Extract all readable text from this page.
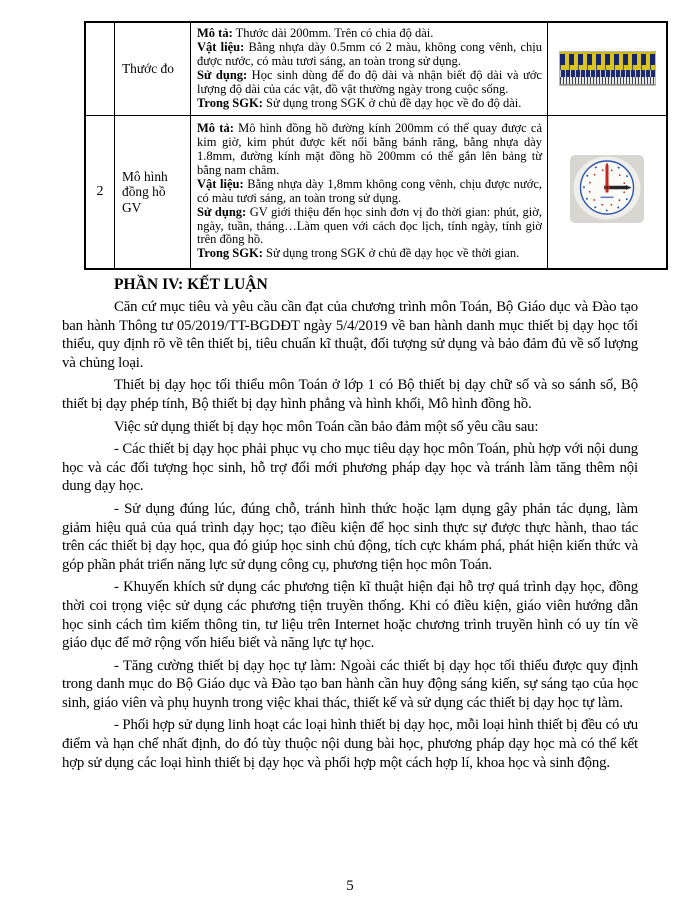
	Thước đo	Mô tả: Thước dài 200mm. Trên có chia độ dài.
Vật liệu: Bằng nhựa dày 0.5mm có 2 màu, không cong vênh, chịu được nước, có màu tươi sáng, an toàn trong sử dụng.
Sử dụng: Học sinh dùng để đo độ dài và nhận biết độ dài và ước lượng độ dài của các vật, đồ vật thường ngày trong cuộc sống.
Trong SGK: Sử dụng trong SGK ở chủ đề dạy học về đo độ dài.	

2	Mô hình đồng hồ GV	Mô tả: Mô hình đồng hồ đường kính 200mm có thể quay được cả kim giờ, kim phút được kết nối bằng bánh răng, bằng nhựa dày 1.8mm, đường kính mặt đồng hồ 200mm có thể gắn lên bảng từ bằng nam châm.
Vật liệu: Bằng nhựa dày 1,8mm không cong vênh, chịu được nước, có màu tươi sáng, an toàn trong sử dụng.
Sử dụng: GV giới thiệu đến học sinh đơn vị đo thời gian: phút, giờ, ngày, tuần, tháng…Làm quen với cách đọc lịch, tính ngày, tính giờ trên đồng hồ.
Trong SGK: Sử dụng trong SGK ở chủ đề dạy học về thời gian.

PHẦN IV: KẾT LUẬN

Căn cứ mục tiêu và yêu cầu cần đạt của chương trình môn Toán, Bộ Giáo dục và Đào tạo ban hành Thông tư 05/2019/TT-BGDĐT ngày 5/4/2019 về ban hành danh mục thiết bị dạy học tối thiểu, quy định rõ về tên thiết bị, tiêu chuẩn kĩ thuật, đối tượng sử dụng và bảo đảm đủ về số lượng và chủng loại.

Thiết bị dạy học tối thiểu môn Toán ở lớp 1 có Bộ thiết bị dạy chữ số và so sánh số, Bộ thiết bị dạy phép tính, Bộ thiết bị dạy hình phẳng và hình khối, Mô hình đồng hồ.

Việc sử dụng thiết bị dạy học môn Toán cần bảo đảm một số yêu cầu sau:

- Các thiết bị dạy học phải phục vụ cho mục tiêu dạy học môn Toán, phù hợp với nội dung học và các đối tượng học sinh, hỗ trợ đổi mới phương pháp dạy học và tránh làm tăng thêm nội dung dạy học.

- Sử dụng đúng lúc, đúng chỗ, tránh hình thức hoặc lạm dụng gây phản tác dụng, làm giảm hiệu quả của quá trình dạy học; tạo điều kiện để học sinh thực sự được thực hành, thao tác trên các thiết bị dạy học, qua đó giúp học sinh chủ động, tích cực khám phá, phát hiện kiến thức và góp phần phát triển năng lực sử dụng công cụ, phương tiện học môn Toán.

- Khuyến khích sử dụng các phương tiện kĩ thuật hiện đại hỗ trợ quá trình dạy học, đồng thời coi trọng việc sử dụng các phương tiện truyền thống. Khi có điều kiện, giáo viên hướng dẫn học sinh cách tìm kiếm thông tin, tư liệu trên Internet hoặc chương trình truyền hình có uy tín về giáo dục để mở rộng vốn hiểu biết và năng lực tự học.

- Tăng cường thiết bị dạy học tự làm: Ngoài các thiết bị dạy học tối thiểu được quy định trong danh mục do Bộ Giáo dục và Đào tạo ban hành cần huy động sáng kiến, sự sáng tạo của học sinh, giáo viên và phụ huynh trong việc khai thác, thiết kế và sử dụng các thiết bị dạy học tự làm.

- Phối hợp sử dụng linh hoạt các loại hình thiết bị dạy học, mỗi loại hình thiết bị đều có ưu điểm và hạn chế nhất định, do đó tùy thuộc nội dung bài học, phương pháp dạy học mà có thể kết hợp sử dụng các loại hình thiết bị dạy học và phối hợp một cách hợp lí, khoa học và sinh động.

5
